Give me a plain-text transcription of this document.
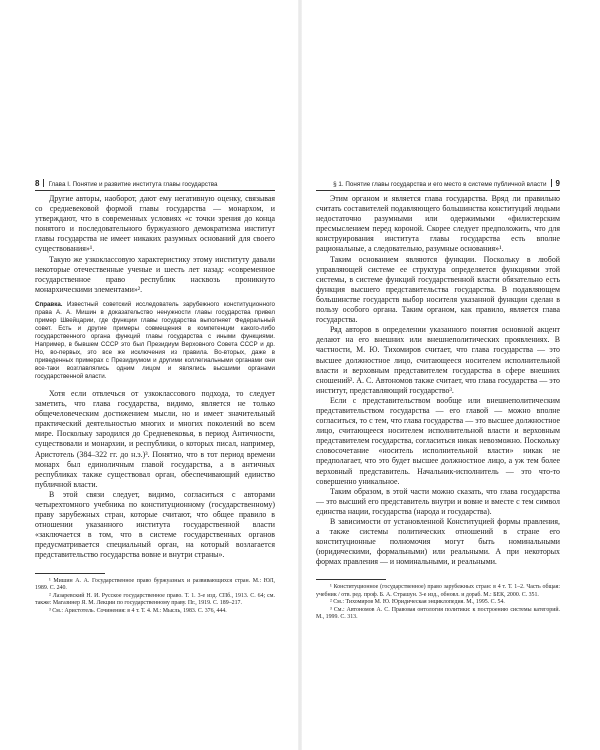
8 Глава I. Понятие и развитие института главы государства

Другие авторы, наоборот, дают ему негативную оценку, связывая со средневековой формой главы государства — монархом, и утверждают, что в современных условиях «с точки зрения до конца понятого и последовательного буржуазного демократизма институт главы государства не имеет никаких разумных оснований для своего существования»¹.

Такую же узкоклассовую характеристику этому институту давали некоторые отечественные ученые и шесть лет назад: «современное государственное право республик насквозь проникнуто монархическими элементами»².

Справка. Известный советский исследователь зарубежного конституционного права А. А. Мишин в доказательство ненужности главы государства привел пример Швейцарии, где функции главы государства выполняет Федеральный совет. Есть и другие примеры совмещения в компетенции какого-либо государственного органа функций главы государства с иными функциями. Например, в бывшем СССР это был Президиум Верховного Совета СССР и др. Но, во-первых, это все же исключения из правила. Во-вторых, даже в приведенных примерах с Президиумом и другими коллегиальными органами они все-таки возглавлялись одним лицом и являлись высшими органами государственной власти.

Хотя если отвлечься от узкоклассового подхода, то следует заметить, что глава государства, видимо, является не только общечеловеческим достижением мысли, но и имеет значительный практический деятельностью многих и многих поколений во всем мире. Поскольку зародился до Средневековья, в период Античности, существовали и монархии, и республики, о которых писал, например, Аристотель (384–322 гг. до н.э.)³. Понятно, что в тот период времени монарх был единоличным главой государства, а в античных республиках также существовал орган, обеспечивающий единство публичной власти.

В этой связи следует, видимо, согласиться с авторами четырехтомного учебника по конституционному (государственному) праву зарубежных стран, которые считают, что общее правило в отношении указанного института государственной власти «заключается в том, что в системе государственных органов предусматривается специальный орган, на который возлагается представительство государства вовне и внутри страны».

¹ Мишин А. А. Государственное право буржуазных и развивающихся стран. М.: ЮЛ, 1989. С. 240.

² Лазаревский Н. И. Русское государственное право. Т. 1. 3-е изд. СПб., 1913. С. 64; см. также: Магазинер Я. М. Лекции по государственному праву. Пг., 1919. С. 189–217.

³ См.: Аристотель. Сочинения: в 4 т. Т. 4. М.: Мысль, 1983. С. 376, 444.

§ 1. Понятие главы государства и его место в системе публичной власти 9

Этим органом и является глава государства. Вряд ли правильно считать составителей подавляющего большинства конституций людьми недостаточно разумными или одержимыми «филистерским пресмыслением перед короной. Скорее следует предположить, что для конструирования института главы государства есть вполне рациональные, а следовательно, разумные основания»¹.

Таким основанием являются функции. Поскольку в любой управляющей системе ее структура определяется функциями этой системы, в системе функций государственной власти обязательно есть функция высшего представительства государства. В подавляющем большинстве государств выбор носителя указанной функции сделан в пользу особого органа. Таким органом, как правило, является глава государства.

Ряд авторов в определении указанного понятия основной акцент делают на его внешних или внешнеполитических проявлениях. В частности, М. Ю. Тихомиров считает, что глава государства — это высшее должностное лицо, считающееся носителем исполнительной власти и верховным представителем государства в сфере внешних сношений². А. С. Автономов также считает, что глава государства — это институт, представляющий государство³.

Если с представительством вообще или внешнеполитическим представительством государства — его главой — можно вполне согласиться, то с тем, что глава государства — это высшее должностное лицо, считающееся носителем исполнительной власти и верховным представителем государства, согласиться никак невозможно. Поскольку словосочетание «носитель исполнительной власти» никак не предполагает, что это будет высшее должностное лицо, а уж тем более верховный представитель. Начальник-исполнитель — это что-то совершенно уникальное.

Таким образом, в этой части можно сказать, что глава государства — это высший его представитель внутри и вовне и вместе с тем символ единства нации, государства (народа и государства).

В зависимости от установленной Конституцией формы правления, а также системы политических отношений в стране его конституционные полномочия могут быть номинальными (юридическими, формальными) или реальными. А при некоторых формах правления — и номинальными, и реальными.

¹ Конституционное (государственное) право зарубежных стран: в 4 т. Т. 1–2. Часть общая: учебник / отв. ред. проф. Б. А. Страшун. 3-е изд., обновл. и дораб. М.: БЕК, 2000. С. 351.

² См.: Тихомиров М. Ю. Юридическая энциклопедия. М., 1995. С. 54.

³ См.: Автономов А. С. Правовая онтология политики: к построению системы категорий. М., 1999. С. 313.
